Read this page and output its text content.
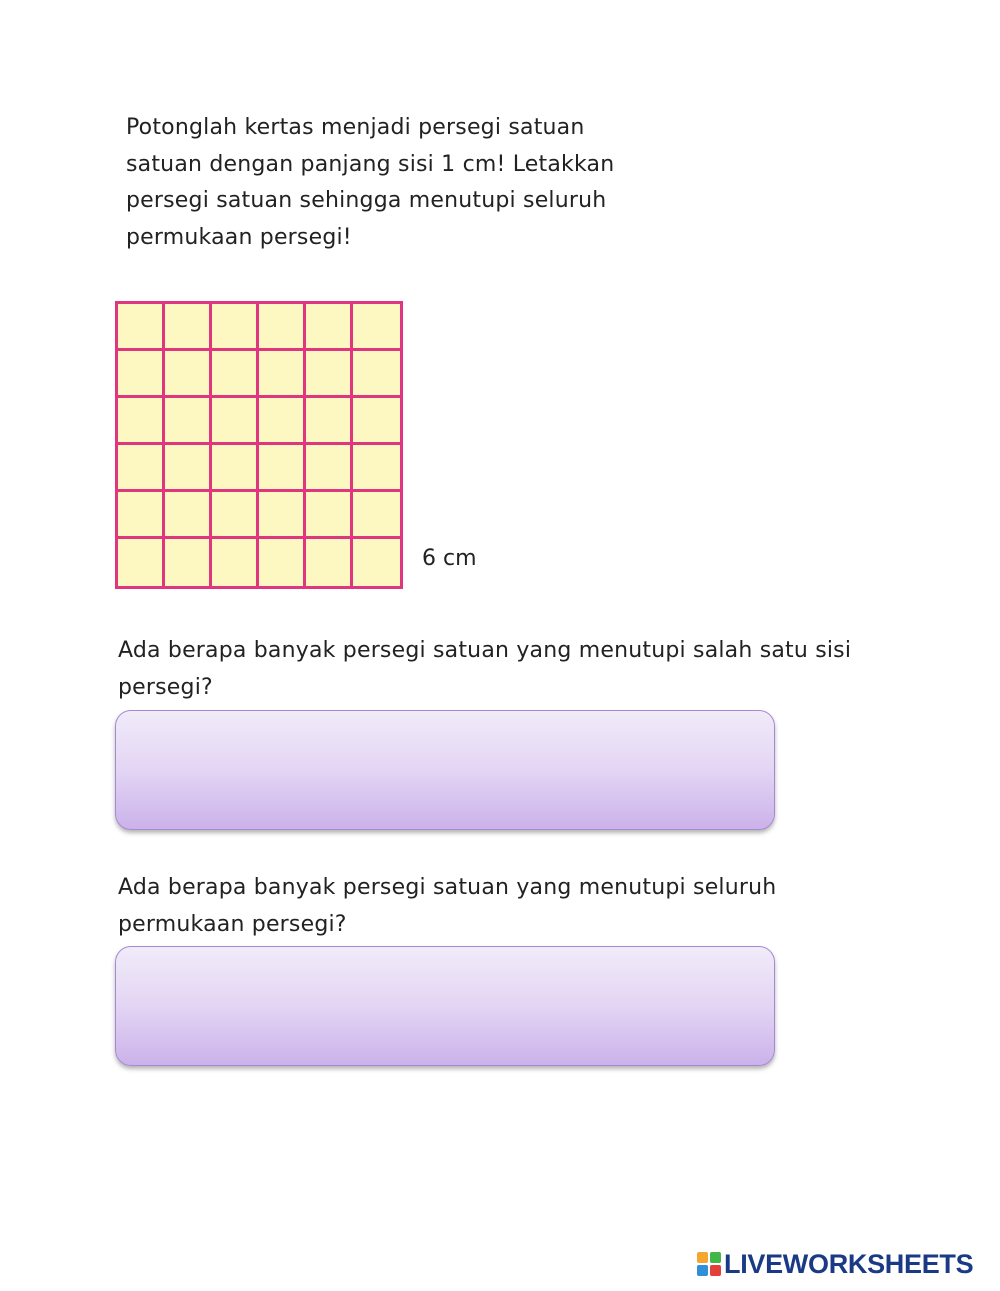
Potonglah kertas menjadi persegi satuan satuan dengan panjang sisi 1 cm! Letakkan persegi satuan sehingga menutupi seluruh permukaan persegi!
6 cm
Ada berapa banyak persegi satuan yang menutupi salah satu sisi persegi?
Ada berapa banyak persegi satuan yang menutupi seluruh permukaan persegi?
LIVEWORKSHEETS
